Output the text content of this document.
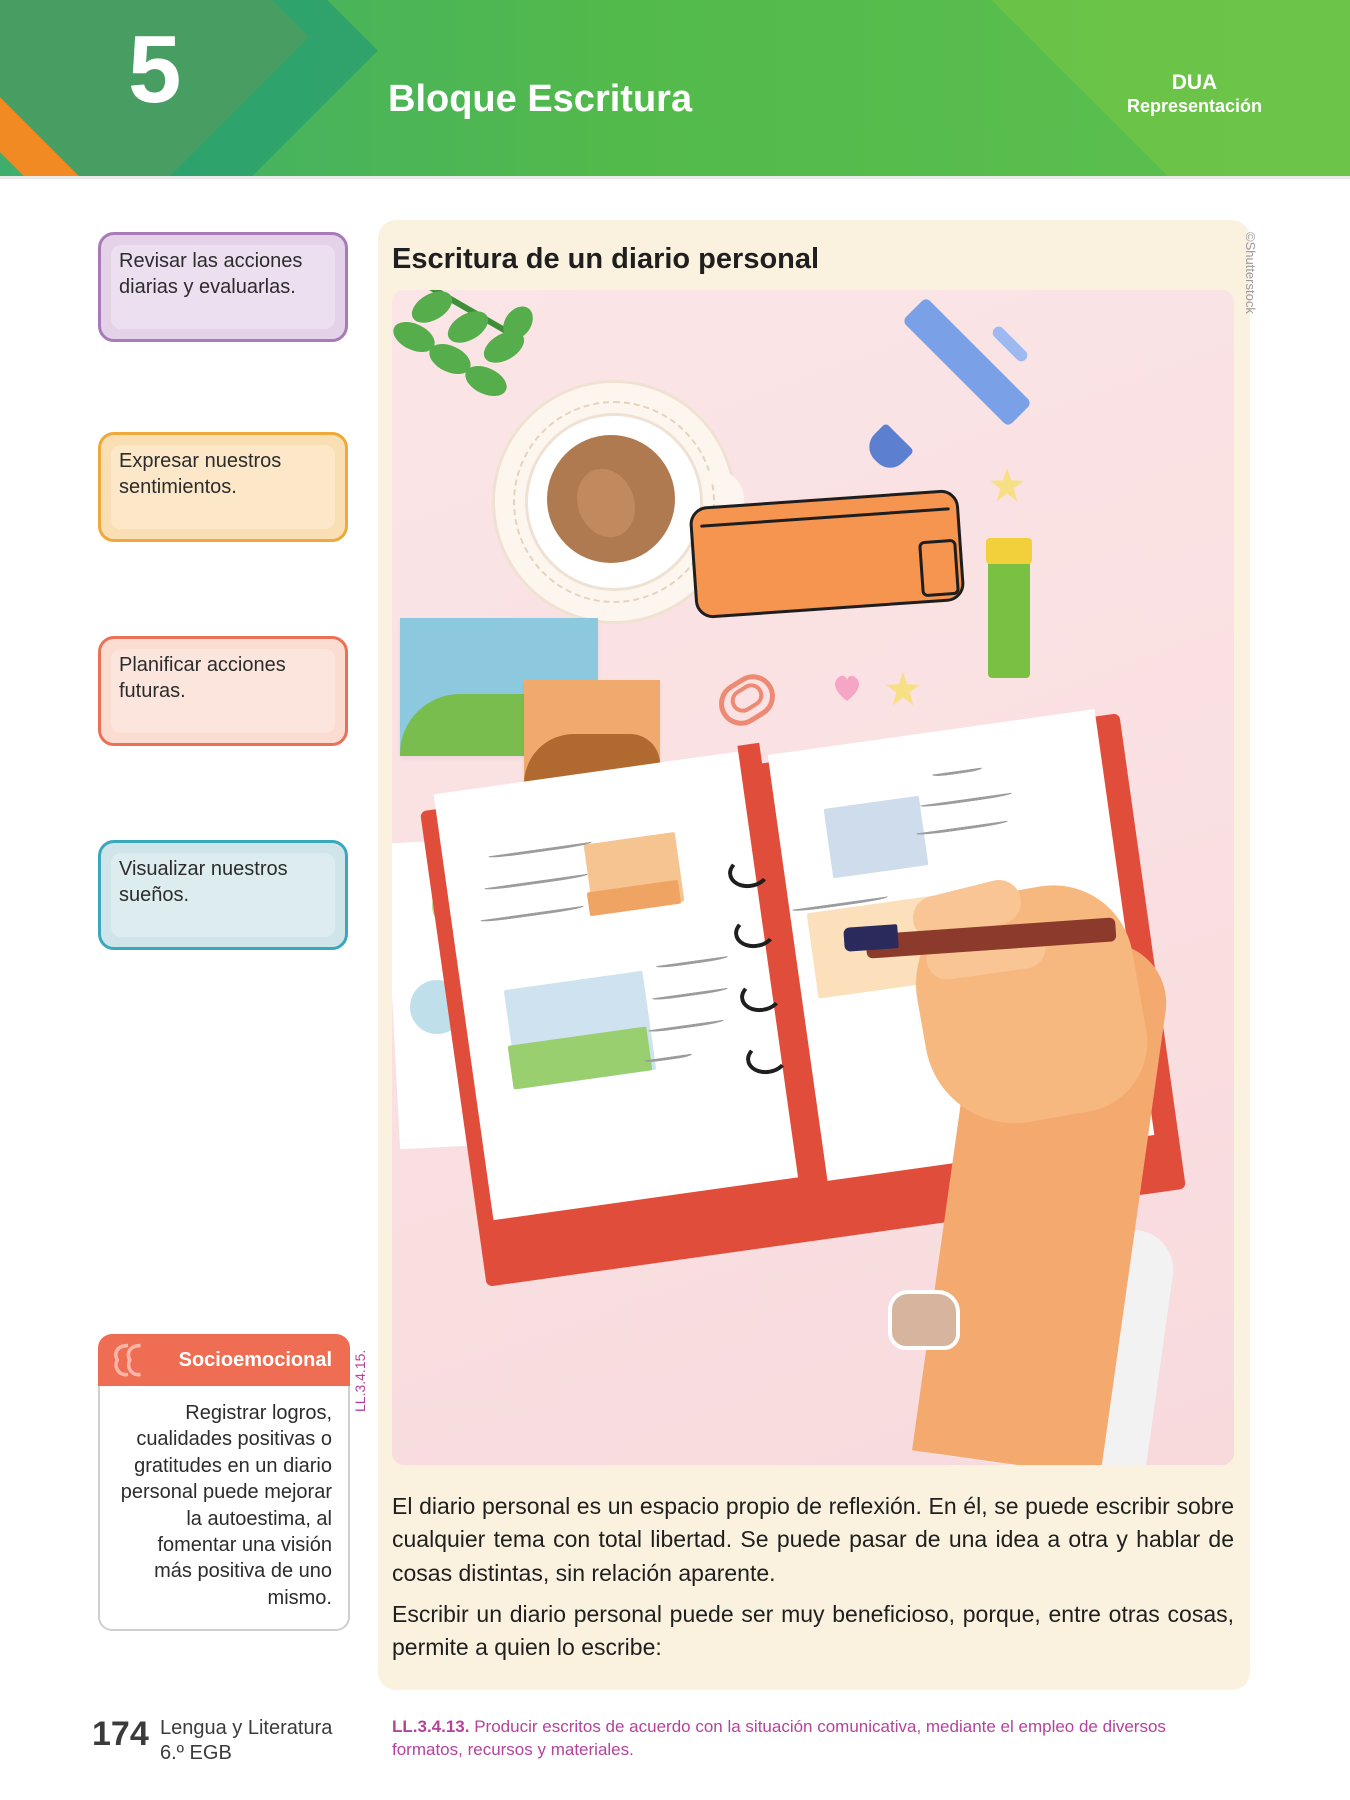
5	Bloque Escritura	DUA
Representación
Revisar las acciones diarias y evaluarlas.
Expresar nuestros sentimientos.
Planificar acciones futuras.
Visualizar nuestros sueños.
Socioemocional
Registrar logros, cualidades positivas o gratitudes en un diario personal puede mejorar la autoestima, al fomentar una visión más positiva de uno mismo.
LL.3.4.15.
Escritura de un diario personal	©Shutterstock
El diario personal es un espacio propio de reflexión. En él, se puede escribir sobre cualquier tema con total libertad. Se puede pasar de una idea a otra y hablar de cosas distintas, sin relación aparente.
Escribir un diario personal puede ser muy beneficioso, porque, entre otras cosas, permite a quien lo escribe:
174 Lengua y Literatura
6.º EGB
LL.3.4.13. Producir escritos de acuerdo con la situación comunicativa, mediante el empleo de diversos formatos, recursos y materiales.
